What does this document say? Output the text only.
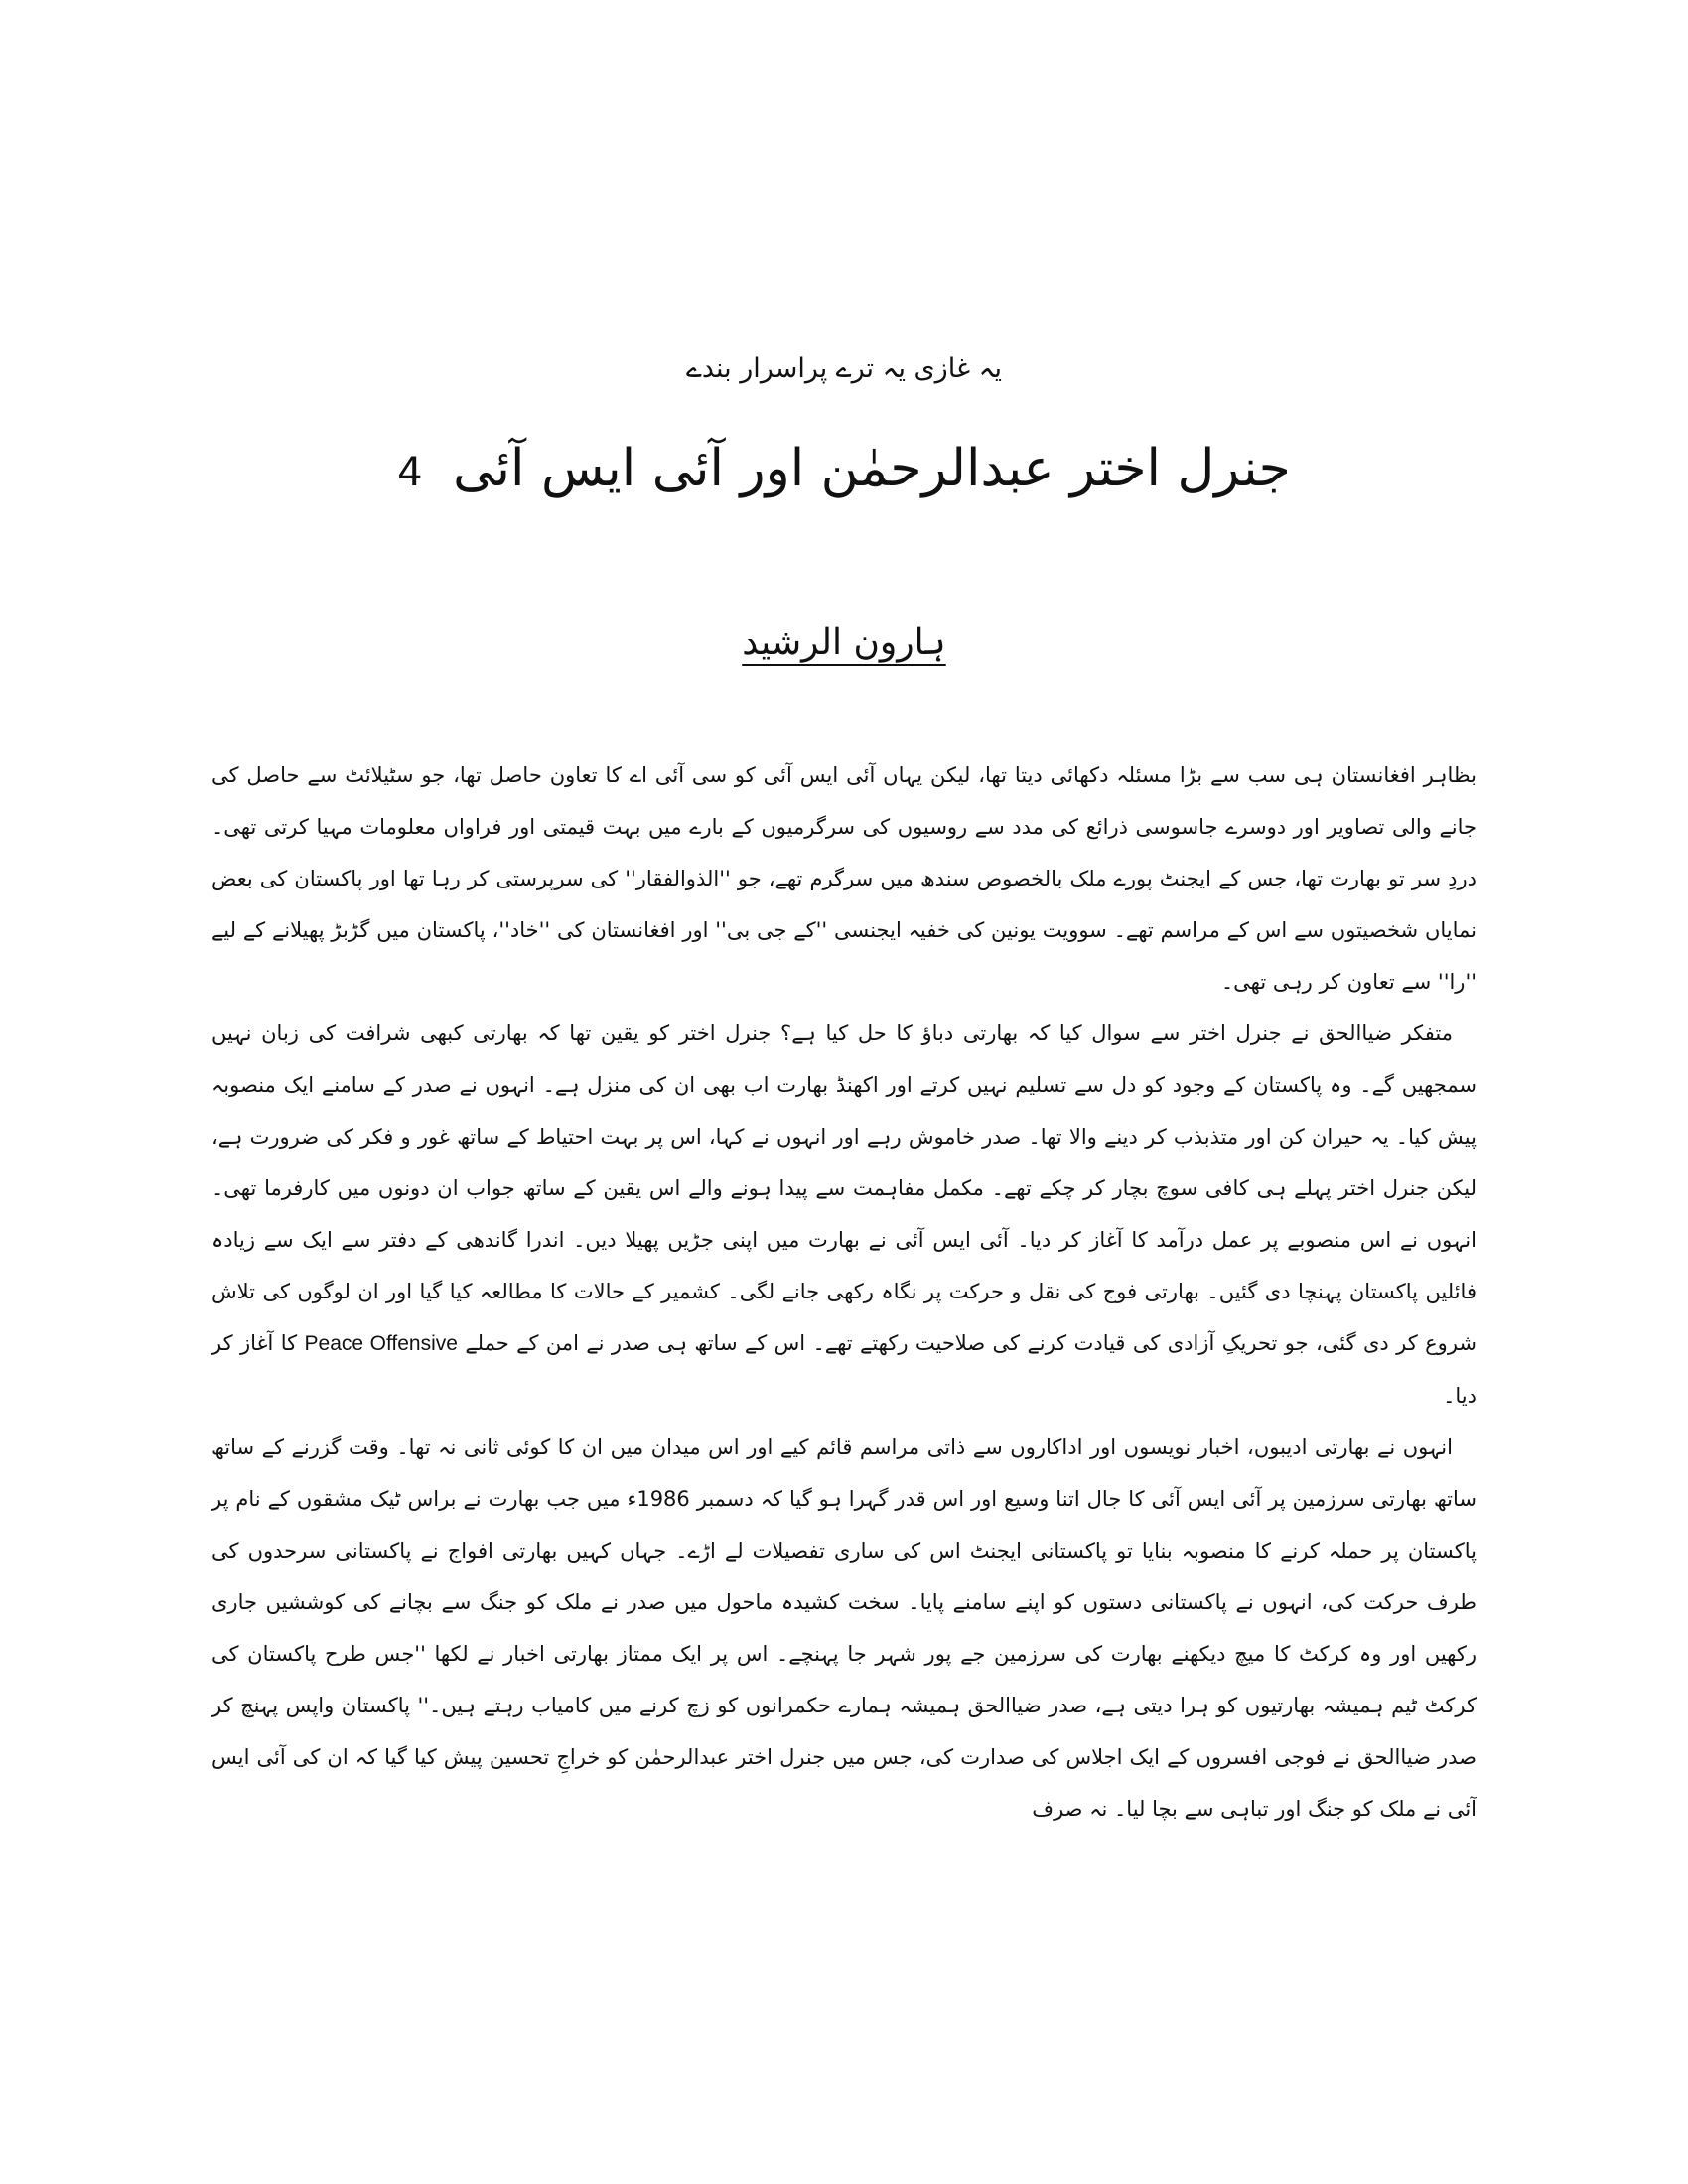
یہ غازی یہ ترے پراسرار بندے
جنرل اختر عبدالرحمٰن اور آئی ایس آئی 4
ہارون الرشید

بظاہر افغانستان ہی سب سے بڑا مسئلہ دکھائی دیتا تھا، لیکن یہاں آئی ایس آئی کو سی آئی اے کا تعاون حاصل تھا، جو سٹیلائٹ سے حاصل کی جانے والی تصاویر اور دوسرے جاسوسی ذرائع کی مدد سے روسیوں کی سرگرمیوں کے بارے میں بہت قیمتی اور فراواں معلومات مہیا کرتی تھی۔ دردِ سر تو بھارت تھا، جس کے ایجنٹ پورے ملک بالخصوص سندھ میں سرگرم تھے، جو ''الذوالفقار'' کی سرپرستی کر رہا تھا اور پاکستان کی بعض نمایاں شخصیتوں سے اس کے مراسم تھے۔ سوویت یونین کی خفیہ ایجنسی ''کے جی بی'' اور افغانستان کی ''خاد''، پاکستان میں گڑبڑ پھیلانے کے لیے ''را'' سے تعاون کر رہی تھی۔

متفکر ضیاالحق نے جنرل اختر سے سوال کیا کہ بھارتی دباؤ کا حل کیا ہے؟ جنرل اختر کو یقین تھا کہ بھارتی کبھی شرافت کی زبان نہیں سمجھیں گے۔ وہ پاکستان کے وجود کو دل سے تسلیم نہیں کرتے اور اکھنڈ بھارت اب بھی ان کی منزل ہے۔ انہوں نے صدر کے سامنے ایک منصوبہ پیش کیا۔ یہ حیران کن اور متذبذب کر دینے والا تھا۔ صدر خاموش رہے اور انہوں نے کہا، اس پر بہت احتیاط کے ساتھ غور و فکر کی ضرورت ہے، لیکن جنرل اختر پہلے ہی کافی سوچ بچار کر چکے تھے۔ مکمل مفاہمت سے پیدا ہونے والے اس یقین کے ساتھ جواب ان دونوں میں کارفرما تھی۔ انہوں نے اس منصوبے پر عمل درآمد کا آغاز کر دیا۔ آئی ایس آئی نے بھارت میں اپنی جڑیں پھیلا دیں۔ اندرا گاندھی کے دفتر سے ایک سے زیادہ فائلیں پاکستان پہنچا دی گئیں۔ بھارتی فوج کی نقل و حرکت پر نگاہ رکھی جانے لگی۔ کشمیر کے حالات کا مطالعہ کیا گیا اور ان لوگوں کی تلاش شروع کر دی گئی، جو تحریکِ آزادی کی قیادت کرنے کی صلاحیت رکھتے تھے۔ اس کے ساتھ ہی صدر نے امن کے حملے Peace Offensive کا آغاز کر دیا۔

انہوں نے بھارتی ادیبوں، اخبار نویسوں اور اداکاروں سے ذاتی مراسم قائم کیے اور اس میدان میں ان کا کوئی ثانی نہ تھا۔ وقت گزرنے کے ساتھ ساتھ بھارتی سرزمین پر آئی ایس آئی کا جال اتنا وسیع اور اس قدر گہرا ہو گیا کہ دسمبر 1986ء میں جب بھارت نے براس ٹیک مشقوں کے نام پر پاکستان پر حملہ کرنے کا منصوبہ بنایا تو پاکستانی ایجنٹ اس کی ساری تفصیلات لے اڑے۔ جہاں کہیں بھارتی افواج نے پاکستانی سرحدوں کی طرف حرکت کی، انہوں نے پاکستانی دستوں کو اپنے سامنے پایا۔ سخت کشیدہ ماحول میں صدر نے ملک کو جنگ سے بچانے کی کوششیں جاری رکھیں اور وہ کرکٹ کا میچ دیکھنے بھارت کی سرزمین جے پور شہر جا پہنچے۔ اس پر ایک ممتاز بھارتی اخبار نے لکھا ''جس طرح پاکستان کی کرکٹ ٹیم ہمیشہ بھارتیوں کو ہرا دیتی ہے، صدر ضیاالحق ہمیشہ ہمارے حکمرانوں کو زچ کرنے میں کامیاب رہتے ہیں۔'' پاکستان واپس پہنچ کر صدر ضیاالحق نے فوجی افسروں کے ایک اجلاس کی صدارت کی، جس میں جنرل اختر عبدالرحمٰن کو خراجِ تحسین پیش کیا گیا کہ ان کی آئی ایس آئی نے ملک کو جنگ اور تباہی سے بچا لیا۔ نہ صرف
